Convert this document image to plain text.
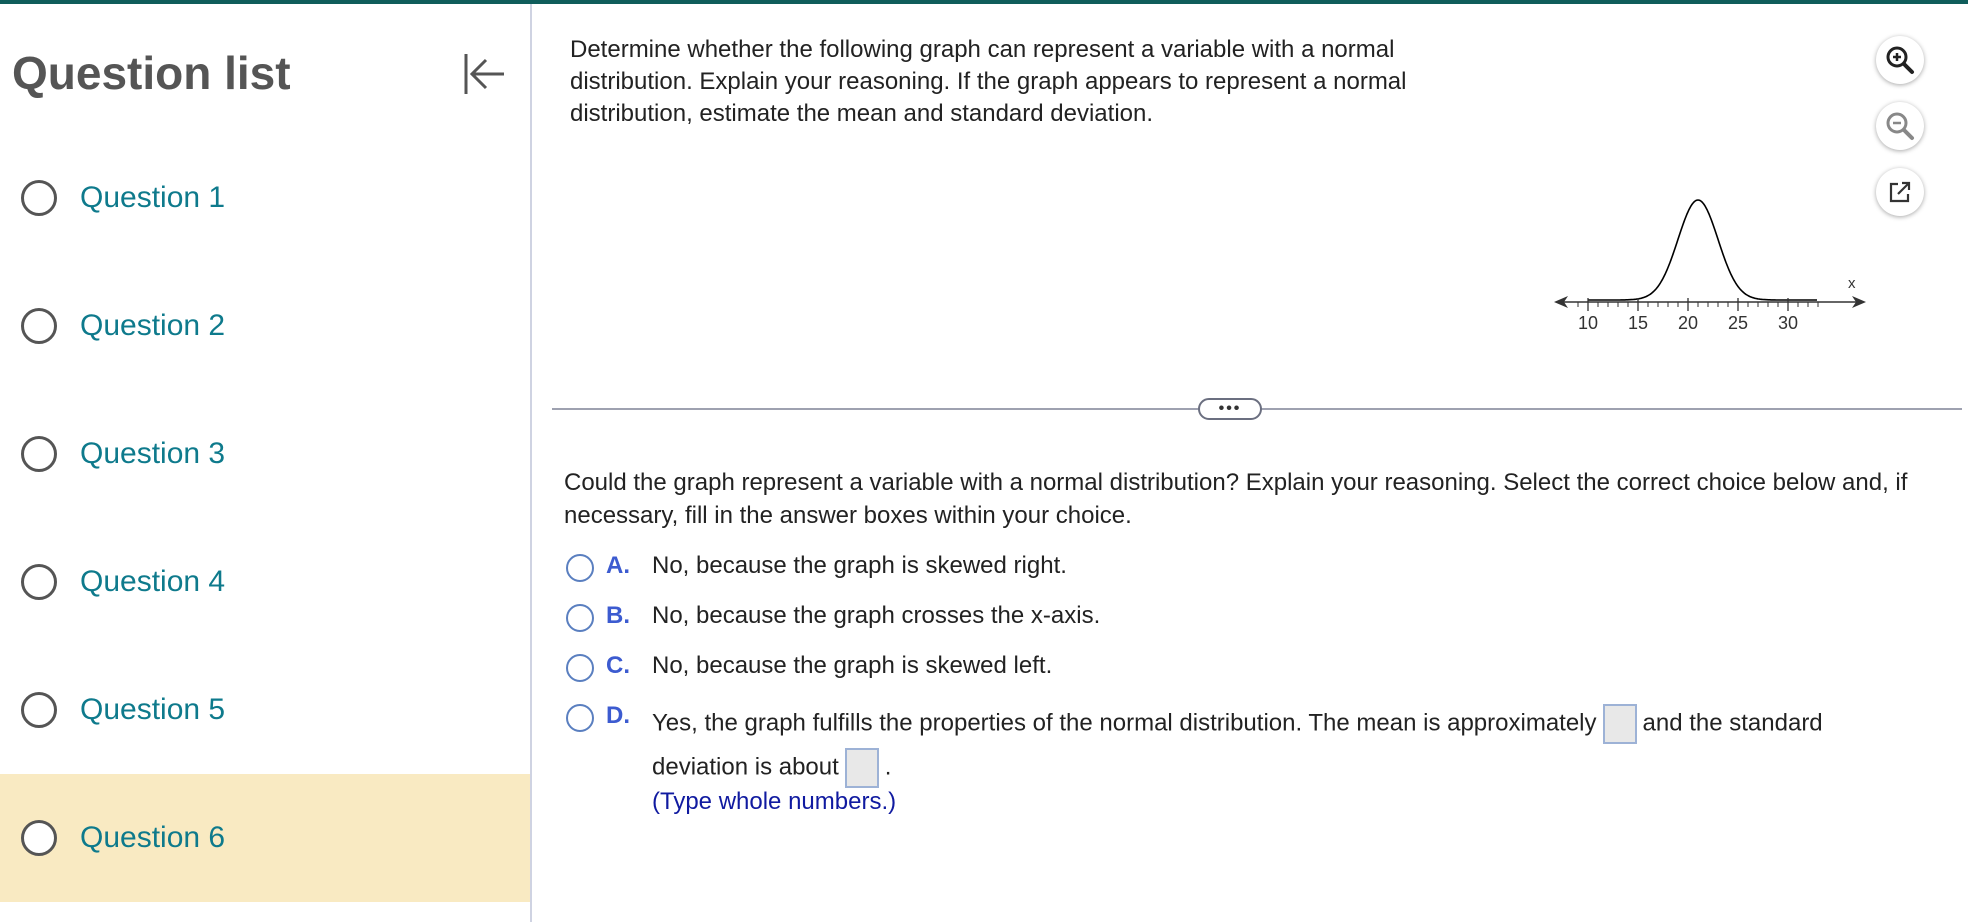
Question list
Question 1
Question 2
Question 3
Question 4
Question 5
Question 6
Determine whether the following graph can represent a variable with a normal distribution. Explain your reasoning. If the graph appears to represent a normal distribution, estimate the mean and standard deviation.
10 15 20 25 30
x
•••
Could the graph represent a variable with a normal distribution? Explain your reasoning. Select the correct choice below and, if necessary, fill in the answer boxes within your choice.
A. No, because the graph is skewed right.
B. No, because the graph crosses the x-axis.
C. No, because the graph is skewed left.
D. Yes, the graph fulfills the properties of the normal distribution. The mean is approximately and the standard
deviation is about .
(Type whole numbers.)
